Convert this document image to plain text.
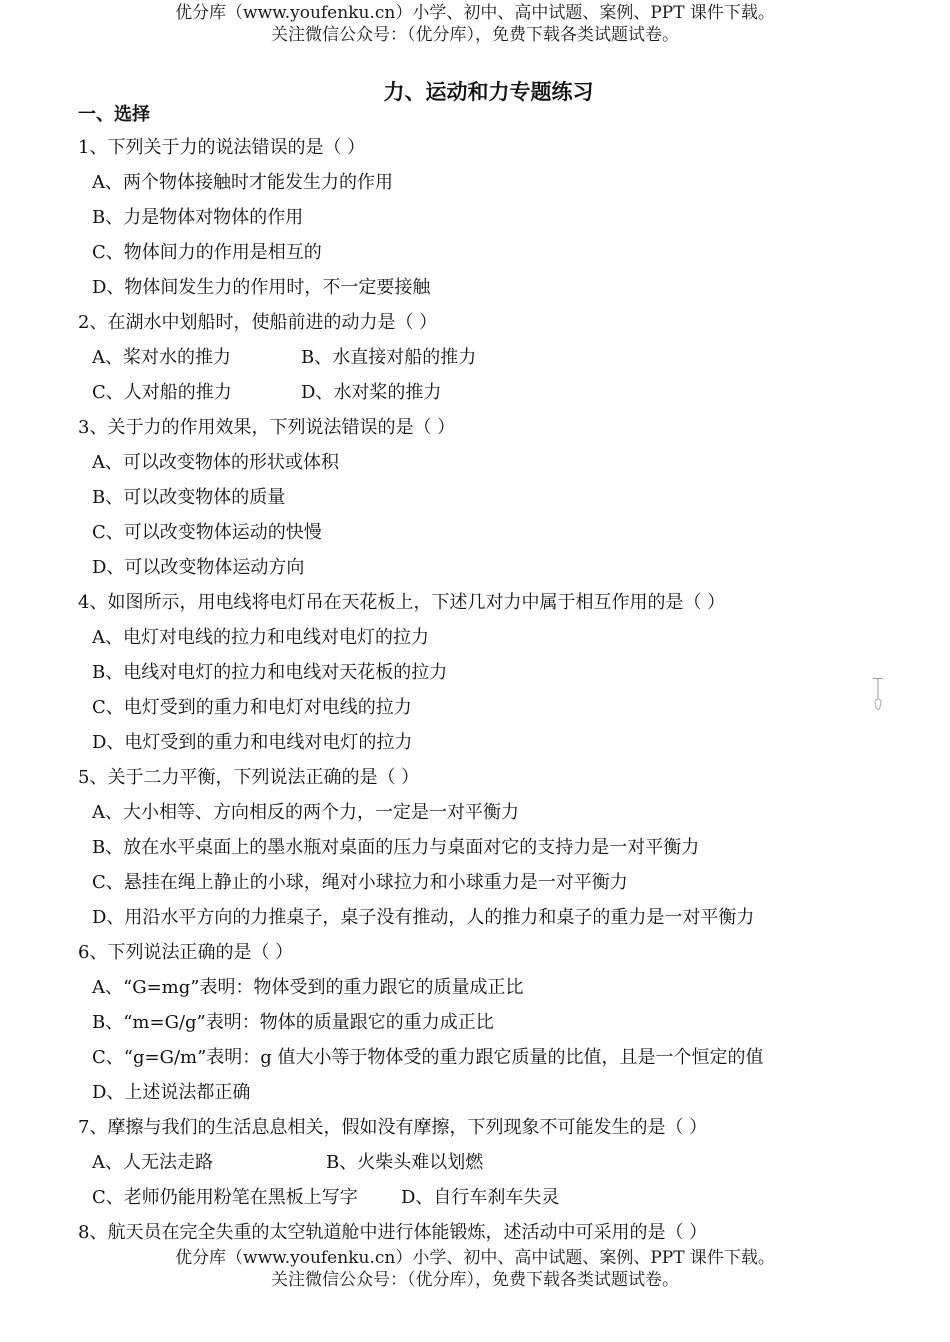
优分库（www.youfenku.cn）小学、初中、高中试题、案例、PPT 课件下载。
关注微信公众号：（优分库），免费下载各类试题试卷。
力、运动和力专题练习
一、选择
1、下列关于力的说法错误的是（ ）
A、两个物体接触时才能发生力的作用
B、力是物体对物体的作用
C、物体间力的作用是相互的
D、物体间发生力的作用时，不一定要接触
2、在湖水中划船时，使船前进的动力是（ ）
A、桨对水的推力	B、水直接对船的推力
C、人对船的推力	D、水对桨的推力
3、关于力的作用效果，下列说法错误的是（ ）
A、可以改变物体的形状或体积
B、可以改变物体的质量
C、可以改变物体运动的快慢
D、可以改变物体运动方向
4、如图所示，用电线将电灯吊在天花板上，下述几对力中属于相互作用的是（ ）
A、电灯对电线的拉力和电线对电灯的拉力
B、电线对电灯的拉力和电线对天花板的拉力
C、电灯受到的重力和电灯对电线的拉力
D、电灯受到的重力和电线对电灯的拉力
5、关于二力平衡，下列说法正确的是（ ）
A、大小相等、方向相反的两个力，一定是一对平衡力
B、放在水平桌面上的墨水瓶对桌面的压力与桌面对它的支持力是一对平衡力
C、悬挂在绳上静止的小球，绳对小球拉力和小球重力是一对平衡力
D、用沿水平方向的力推桌子，桌子没有推动，人的推力和桌子的重力是一对平衡力
6、下列说法正确的是（ ）
A、“G=mg”表明：物体受到的重力跟它的质量成正比
B、“m=G/g”表明：物体的质量跟它的重力成正比
C、“g=G/m”表明：g 值大小等于物体受的重力跟它质量的比值，且是一个恒定的值
D、上述说法都正确
7、摩擦与我们的生活息息相关，假如没有摩擦，下列现象不可能发生的是（ ）
A、人无法走路	B、火柴头难以划燃
C、老师仍能用粉笔在黑板上写字	D、自行车刹车失灵
8、航天员在完全失重的太空轨道舱中进行体能锻炼，述活动中可采用的是（ ）
优分库（www.youfenku.cn）小学、初中、高中试题、案例、PPT 课件下载。
关注微信公众号：（优分库），免费下载各类试题试卷。
